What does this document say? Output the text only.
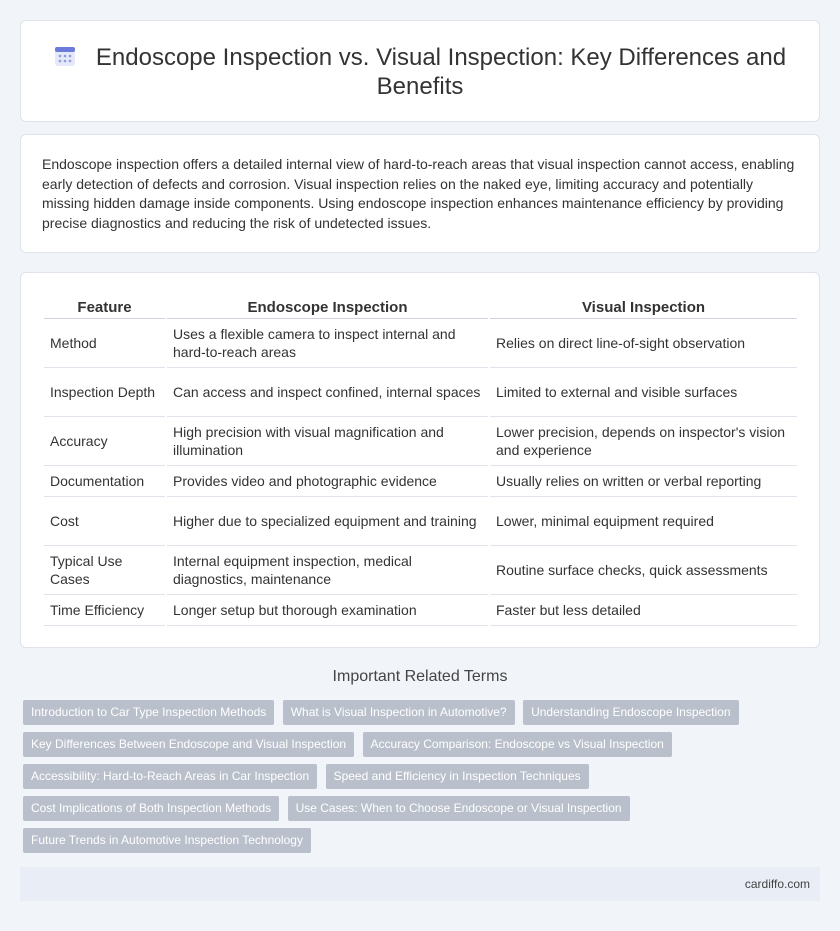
Endoscope Inspection vs. Visual Inspection: Key Differences and Benefits

Endoscope inspection offers a detailed internal view of hard-to-reach areas that visual inspection cannot access, enabling early detection of defects and corrosion. Visual inspection relies on the naked eye, limiting accuracy and potentially missing hidden damage inside components. Using endoscope inspection enhances maintenance efficiency by providing precise diagnostics and reducing the risk of undetected issues.

Feature	Endoscope Inspection	Visual Inspection
Method	Uses a flexible camera to inspect internal and hard-to-reach areas	Relies on direct line-of-sight observation
Inspection Depth	Can access and inspect confined, internal spaces	Limited to external and visible surfaces
Accuracy	High precision with visual magnification and illumination	Lower precision, depends on inspector's vision and experience
Documentation	Provides video and photographic evidence	Usually relies on written or verbal reporting
Cost	Higher due to specialized equipment and training	Lower, minimal equipment required
Typical Use Cases	Internal equipment inspection, medical diagnostics, maintenance	Routine surface checks, quick assessments
Time Efficiency	Longer setup but thorough examination	Faster but less detailed
Important Related Terms
Introduction to Car Type Inspection Methods What is Visual Inspection in Automotive? Understanding Endoscope Inspection Key Differences Between Endoscope and Visual Inspection Accuracy Comparison: Endoscope vs Visual Inspection Accessibility: Hard-to-Reach Areas in Car Inspection Speed and Efficiency in Inspection Techniques Cost Implications of Both Inspection Methods Use Cases: When to Choose Endoscope or Visual Inspection Future Trends in Automotive Inspection Technology
cardiffo.com
